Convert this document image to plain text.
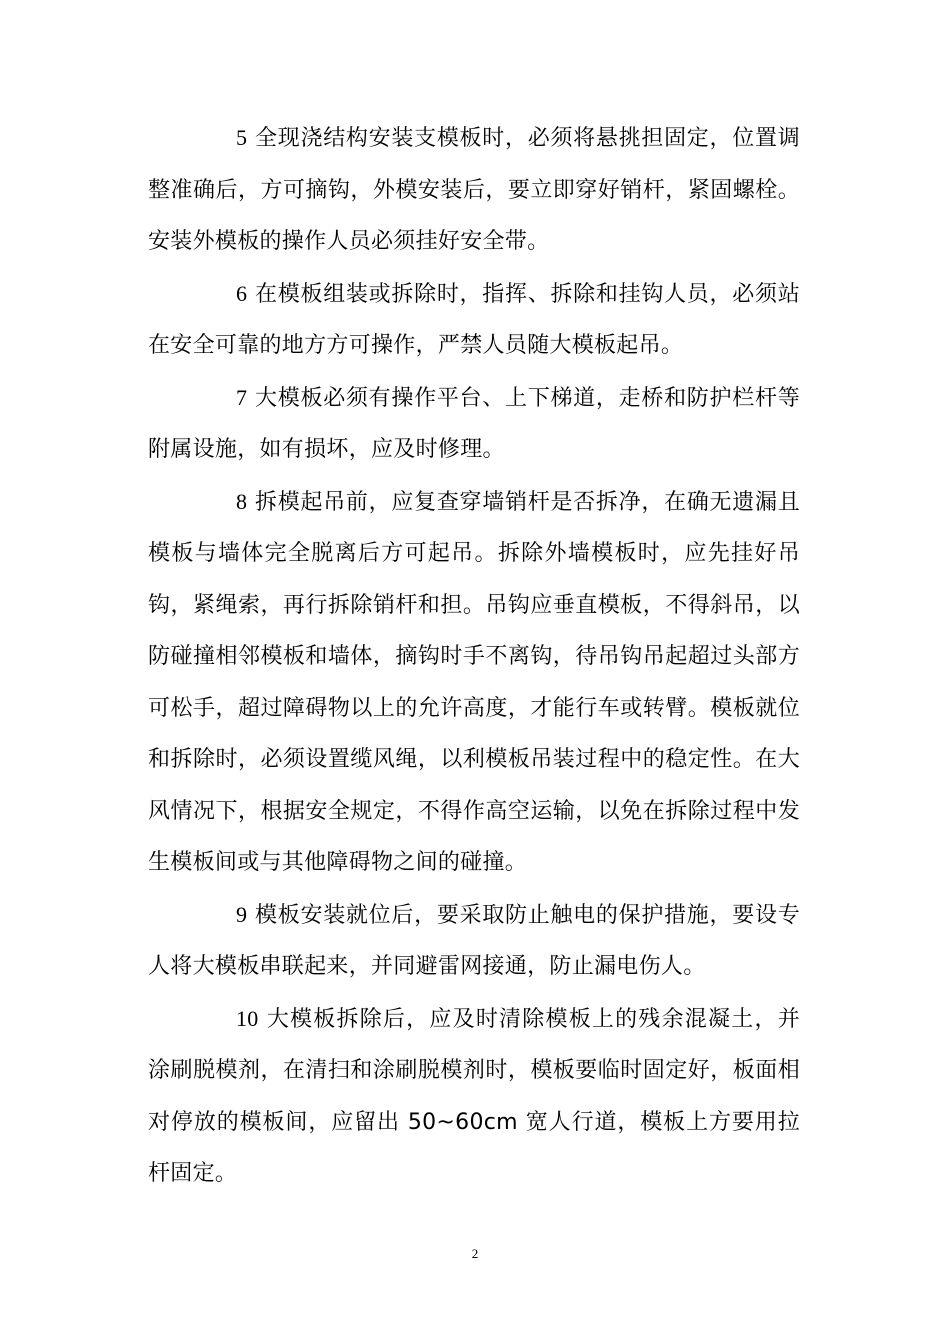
5 全现浇结构安装支模板时，必须将悬挑担固定，位置调整准确后，方可摘钩，外模安装后，要立即穿好销杆，紧固螺栓。安装外模板的操作人员必须挂好安全带。

6 在模板组装或拆除时，指挥、拆除和挂钩人员，必须站在安全可靠的地方方可操作，严禁人员随大模板起吊。

7 大模板必须有操作平台、上下梯道，走桥和防护栏杆等附属设施，如有损坏，应及时修理。

8 拆模起吊前，应复查穿墙销杆是否拆净，在确无遗漏且模板与墙体完全脱离后方可起吊。拆除外墙模板时，应先挂好吊钩，紧绳索，再行拆除销杆和担。吊钩应垂直模板，不得斜吊，以防碰撞相邻模板和墙体，摘钩时手不离钩，待吊钩吊起超过头部方可松手，超过障碍物以上的允许高度，才能行车或转臂。模板就位和拆除时，必须设置缆风绳，以利模板吊装过程中的稳定性。在大风情况下，根据安全规定，不得作高空运输，以免在拆除过程中发生模板间或与其他障碍物之间的碰撞。

9 模板安装就位后，要采取防止触电的保护措施，要设专人将大模板串联起来，并同避雷网接通，防止漏电伤人。

10 大模板拆除后，应及时清除模板上的残余混凝土，并涂刷脱模剂，在清扫和涂刷脱模剂时，模板要临时固定好，板面相对停放的模板间，应留出 50~60cm 宽人行道，模板上方要用拉杆固定。

2
